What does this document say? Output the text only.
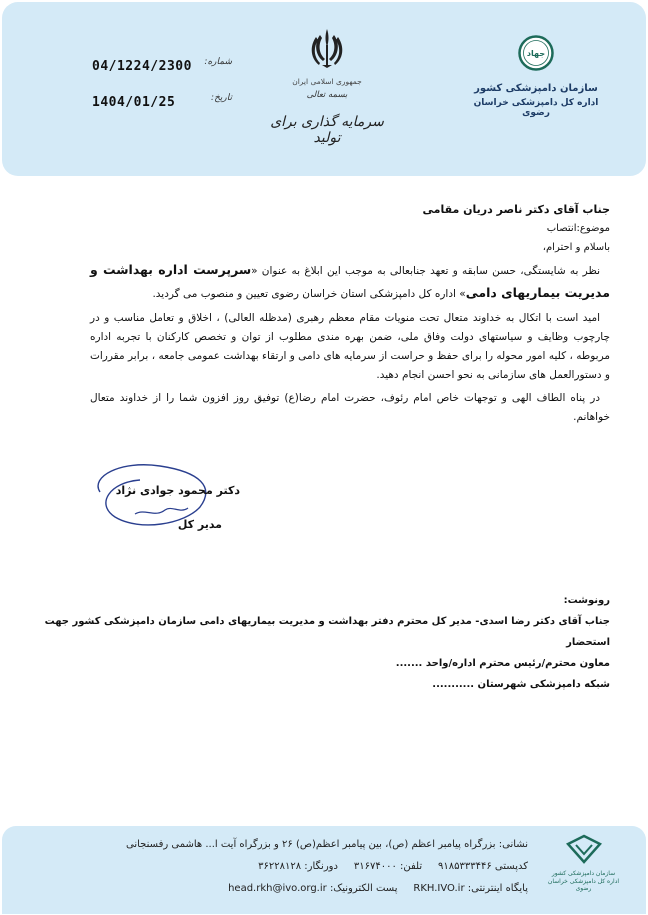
شماره:
04/1224/2300
تاریخ:
1404/01/25
جمهوری اسلامی ایران
بسمه تعالی
سرمایه گذاری برای تولید
جهاد
سازمان دامپزشکی کشور
اداره کل دامپزشکی خراسان رضوی
جناب آقای دکتر ناصر دریان مقامی
موضوع:انتصاب
باسلام و احترام،
نظر به شایستگی، حسن سابقه و تعهد جنابعالی به موجب این ابلاغ به عنوان «سرپرست اداره بهداشت و مدیریت بیماریهای دامی» اداره کل دامپزشکی استان خراسان رضوی تعیین و منصوب می گردید.
امید است با اتکال به خداوند متعال تحت منویات مقام معظم رهبری (مدظله العالی) ، اخلاق و تعامل مناسب و در چارچوب وظایف و سیاستهای دولت وفاق ملی، ضمن بهره مندی مطلوب از توان و تخصص کارکنان با تجربه اداره مربوطه ، کلیه امور محوله را برای حفظ و حراست از سرمایه های دامی و ارتقاء بهداشت عمومی جامعه ، برابر مقررات و دستورالعمل های سازمانی به نحو احسن انجام دهید.
در پناه الطاف الهی و توجهات خاص امام رئوف، حضرت امام رضا(ع) توفیق روز افزون شما را از خداوند متعال خواهانم.
دکتر محمود جوادی نژاد
مدیر کل
رونوشت:
جناب آقای دکتر رضا اسدی- مدیر کل محترم دفتر بهداشت و مدیریت بیماریهای دامی سازمان دامپزشکی کشور جهت استحضار
معاون محترم/رئیس محترم اداره/واحد .......
شبکه دامپزشکی شهرستان ...........
سازمان دامپزشکی کشور
اداره کل دامپزشکی خراسان رضوی
نشانی: بزرگراه پیامبر اعظم (ص)، بین پیامبر اعظم(ص) ۲۶ و بزرگراه آیت ا... هاشمی رفسنجانی
کدپستی ۹۱۸۵۳۳۳۴۴۶     تلفن: ۳۱۶۷۴۰۰۰     دورنگار: ۳۶۲۲۸۱۲۸
پایگاه اینترنتی: RKH.IVO.ir     پست الکترونیک: head.rkh@ivo.org.ir
